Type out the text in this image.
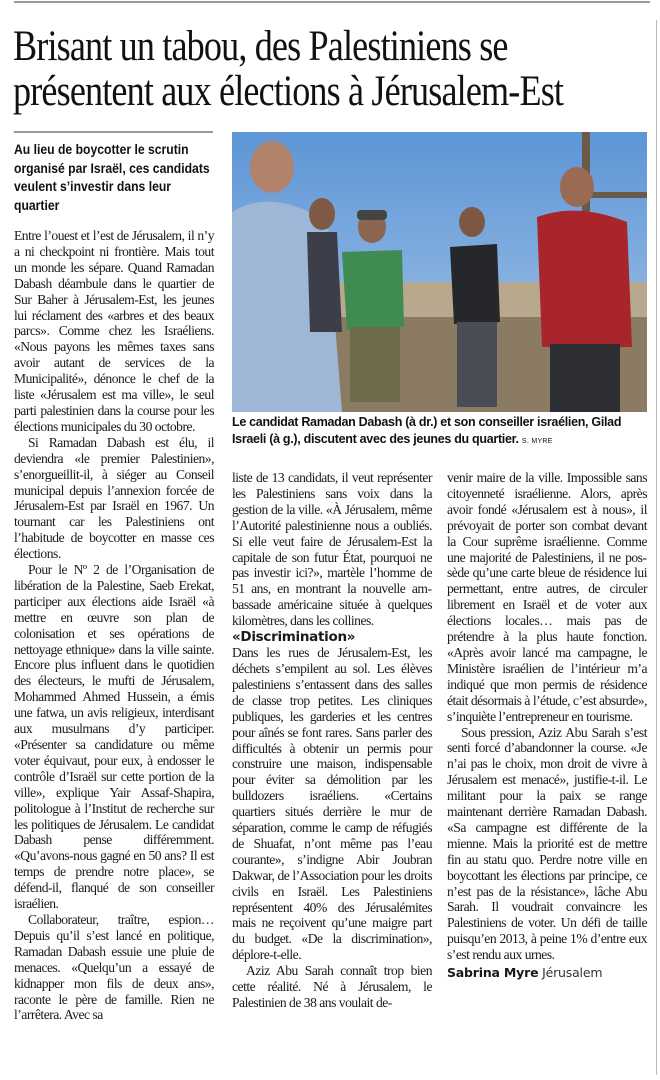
Brisant un tabou, des Palestiniens se présentent aux élections à Jérusalem-Est

Au lieu de boycotter le scrutin organisé par Israël, ces candidats veulent s’investir dans leur quartier

Le candidat Ramadan Dabash (à dr.) et son conseiller israélien, Gilad Israeli (à g.), discutent avec des jeunes du quartier. S. MYRE

Entre l’ouest et l’est de Jérusalem, il n’y a ni checkpoint ni frontière. Mais tout un monde les sépare. Quand Ramadan Dabash déambule dans le quartier de Sur Baher à Jérusalem-Est, les jeunes lui réclament des «arbres et des beaux parcs». Comme chez les Israéliens. «Nous payons les mêmes taxes sans avoir autant de services de la Municipalité», dénonce le chef de la liste «Jérusalem est ma ville», le seul parti palestinien dans la course pour les élections municipales du 30 octobre.

Si Ramadan Dabash est élu, il deviendra «le premier Palestinien», s’enorgueillit-il, à siéger au Conseil municipal depuis l’annexion forcée de Jérusalem-Est par Israël en 1967. Un tournant car les Palestiniens ont l’habitude de boycotter en masse ces élections.

Pour le Nº 2 de l’Organisation de libération de la Palestine, Saeb Erekat, participer aux élections aide Israël «à mettre en œuvre son plan de colonisation et ses opérations de nettoyage ethnique» dans la ville sainte. Encore plus influent dans le quotidien des électeurs, le mufti de Jérusalem, Mohammed Ahmed Hussein, a émis une fatwa, un avis religieux, interdisant aux musulmans d’y participer. «Présenter sa candidature ou même voter équivaut, pour eux, à endosser le contrôle d’Israël sur cette portion de la ville», explique Yair Assaf-Shapira, politologue à l’Institut de recherche sur les politiques de Jérusalem. Le candidat Dabash pense différemment. «Qu’avons-nous gagné en 50 ans? Il est temps de prendre notre place», se défend-il, flanqué de son conseiller israélien.

Collaborateur, traître, espion… Depuis qu’il s’est lancé en politique, Ramadan Dabash essuie une pluie de menaces. «Quelqu’un a essayé de kidnapper mon fils de deux ans», raconte le père de famille. Rien ne l’arrêtera. Avec sa

liste de 13 candidats, il veut représenter les Palestiniens sans voix dans la gestion de la ville. «À Jérusalem, même l’Autorité palestinienne nous a oubliés. Si elle veut faire de Jérusalem-Est la capitale de son futur État, pourquoi ne pas investir ici?», martèle l’homme de 51 ans, en montrant la nouvelle ambassade américaine située à quelques kilomètres, dans les collines.

«Discrimination»

Dans les rues de Jérusalem-Est, les déchets s’empilent au sol. Les élèves palestiniens s’entassent dans des salles de classe trop petites. Les cliniques publiques, les garderies et les centres pour aînés se font rares. Sans parler des difficultés à obtenir un permis pour construire une maison, indispensable pour éviter sa démolition par les bulldozers israéliens. «Certains quartiers situés derrière le mur de séparation, comme le camp de réfugiés de Shuafat, n’ont même pas l’eau courante», s’indigne Abir Joubran Dakwar, de l’Association pour les droits civils en Israël. Les Palestiniens représentent 40% des Jérusalémites mais ne reçoivent qu’une maigre part du budget. «De la discrimination», déplore-t-elle.

Aziz Abu Sarah connaît trop bien cette réalité. Né à Jérusalem, le Palestinien de 38 ans voulait de-

venir maire de la ville. Impossible sans citoyenneté israélienne. Alors, après avoir fondé «Jérusalem est à nous», il prévoyait de porter son combat devant la Cour suprême israélienne. Comme une majorité de Palestiniens, il ne possède qu’une carte bleue de résidence lui permettant, entre autres, de circuler librement en Israël et de voter aux élections locales… mais pas de prétendre à la plus haute fonction. «Après avoir lancé ma campagne, le Ministère israélien de l’intérieur m’a indiqué que mon permis de résidence était désormais à l’étude, c’est absurde», s’inquiète l’entrepreneur en tourisme.

Sous pression, Aziz Abu Sarah s’est senti forcé d’abandonner la course. «Je n’ai pas le choix, mon droit de vivre à Jérusalem est menacé», justifie-t-il. Le militant pour la paix se range maintenant derrière Ramadan Dabash. «Sa campagne est différente de la mienne. Mais la priorité est de mettre fin au statu quo. Perdre notre ville en boycottant les élections par principe, ce n’est pas de la résistance», lâche Abu Sarah. Il voudrait convaincre les Palestiniens de voter. Un défi de taille puisqu’en 2013, à peine 1% d’entre eux s’est rendu aux urnes.

Sabrina Myre Jérusalem
